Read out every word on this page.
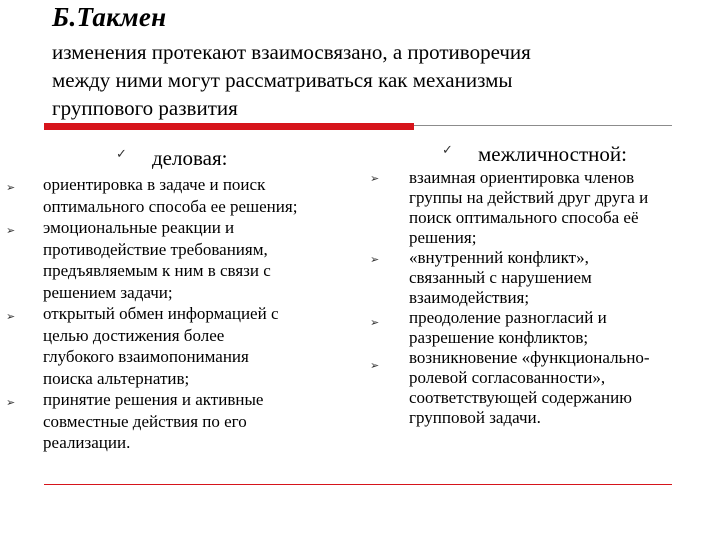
Б.Такмен
изменения протекают взаимосвязано, а противоречия
между ними могут рассматриваться как механизмы
группового развития
✓ деловая:
➢
➢
➢
➢
ориентировка в задаче и поиск
оптимального способа ее решения;
эмоциональные реакции и
противодействие требованиям,
предъявляемым к ним в связи с
решением задачи;
открытый обмен информацией с
целью достижения более
глубокого взаимопонимания
поиска альтернатив;
принятие решения и активные
совместные действия по его
реализации.
✓ межличностной:
➢
➢
➢
➢
взаимная ориентировка членов
группы на действий друг друга и
поиск оптимального способа её
решения;
«внутренний конфликт»,
связанный с нарушением
взаимодействия;
преодоление разногласий и
разрешение конфликтов;
возникновение «функционально-
ролевой согласованности»,
соответствующей содержанию
групповой задачи.
